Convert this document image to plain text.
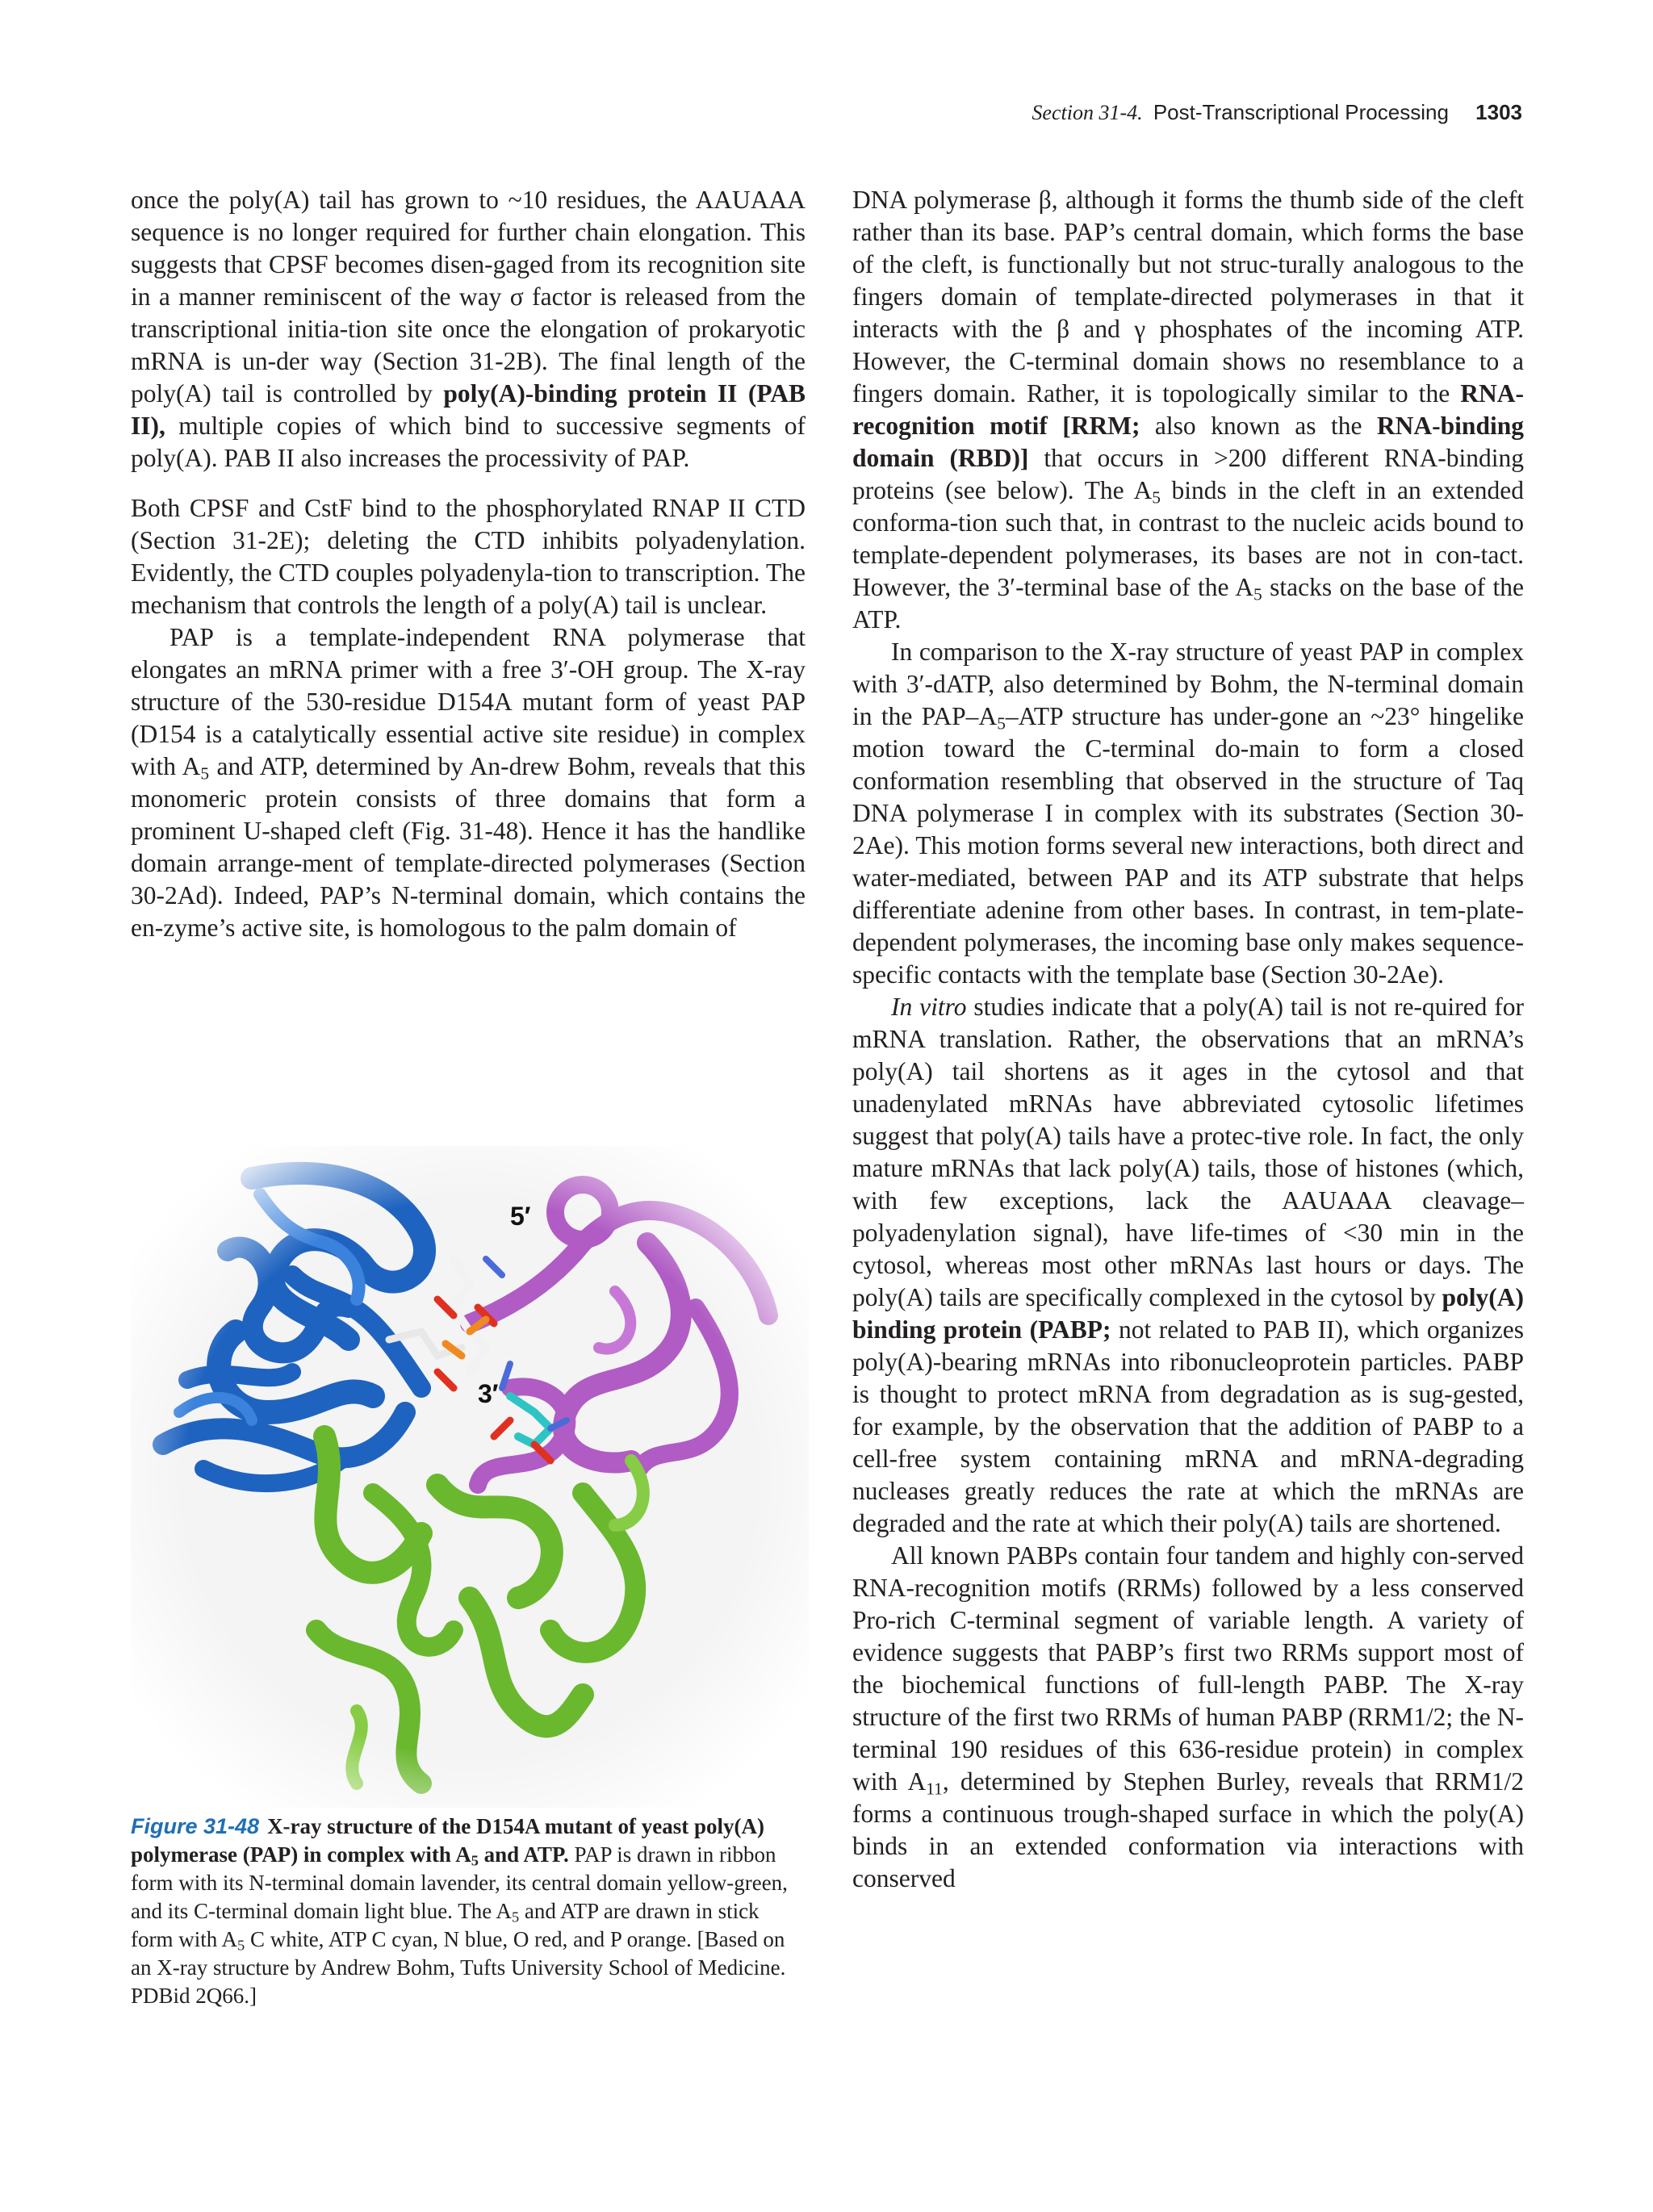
Section 31-4. Post-Transcriptional Processing 1303

once the poly(A) tail has grown to ~10 residues, the AAUAAA sequence is no longer required for further chain elongation. This suggests that CPSF becomes disen-gaged from its recognition site in a manner reminiscent of the way σ factor is released from the transcriptional initia-tion site once the elongation of prokaryotic mRNA is un-der way (Section 31-2B). The final length of the poly(A) tail is controlled by poly(A)-binding protein II (PAB II), multiple copies of which bind to successive segments of poly(A). PAB II also increases the processivity of PAP.

Both CPSF and CstF bind to the phosphorylated RNAP II CTD (Section 31-2E); deleting the CTD inhibits polyadenylation. Evidently, the CTD couples polyadenyla-tion to transcription. The mechanism that controls the length of a poly(A) tail is unclear.

PAP is a template-independent RNA polymerase that elongates an mRNA primer with a free 3′-OH group. The X-ray structure of the 530-residue D154A mutant form of yeast PAP (D154 is a catalytically essential active site residue) in complex with $A_5$ and ATP, determined by An-drew Bohm, reveals that this monomeric protein consists of three domains that form a prominent U-shaped cleft (Fig. 31-48). Hence it has the handlike domain arrange-ment of template-directed polymerases (Section 30-2Ad). Indeed, PAP’s N-terminal domain, which contains the en-zyme’s active site, is homologous to the palm domain of

Figure 31-48 X-ray structure of the D154A mutant of yeast poly(A) polymerase (PAP) in complex with $A_5$ and ATP. PAP is drawn in ribbon form with its N-terminal domain lavender, its central domain yellow-green, and its C-terminal domain light blue. The $A_5$ and ATP are drawn in stick form with $A_5$ C white, ATP C cyan, N blue, O red, and P orange. [Based on an X-ray structure by Andrew Bohm, Tufts University School of Medicine. PDBid 2Q66.]

DNA polymerase β, although it forms the thumb side of the cleft rather than its base. PAP’s central domain, which forms the base of the cleft, is functionally but not struc-turally analogous to the fingers domain of template-directed polymerases in that it interacts with the β and γ phosphates of the incoming ATP. However, the C-terminal domain shows no resemblance to a fingers domain. Rather, it is topologically similar to the RNA-recognition motif [RRM; also known as the RNA-binding domain (RBD)] that occurs in >200 different RNA-binding proteins (see below). The $A_5$ binds in the cleft in an extended conforma-tion such that, in contrast to the nucleic acids bound to template-dependent polymerases, its bases are not in con-tact. However, the 3′-terminal base of the $A_5$ stacks on the base of the ATP.

In comparison to the X-ray structure of yeast PAP in complex with 3′-dATP, also determined by Bohm, the N-terminal domain in the PAP–$A_5$–ATP structure has under-gone an ~23° hingelike motion toward the C-terminal do-main to form a closed conformation resembling that observed in the structure of Taq DNA polymerase I in complex with its substrates (Section 30-2Ae). This motion forms several new interactions, both direct and water-mediated, between PAP and its ATP substrate that helps differentiate adenine from other bases. In contrast, in tem-plate-dependent polymerases, the incoming base only makes sequence-specific contacts with the template base (Section 30-2Ae).

In vitro studies indicate that a poly(A) tail is not re-quired for mRNA translation. Rather, the observations that an mRNA’s poly(A) tail shortens as it ages in the cytosol and that unadenylated mRNAs have abbreviated cytosolic lifetimes suggest that poly(A) tails have a protec-tive role. In fact, the only mature mRNAs that lack poly(A) tails, those of histones (which, with few exceptions, lack the AAUAAA cleavage–polyadenylation signal), have life-times of <30 min in the cytosol, whereas most other mRNAs last hours or days. The poly(A) tails are specifically complexed in the cytosol by poly(A) binding protein (PABP; not related to PAB II), which organizes poly(A)-bearing mRNAs into ribonucleoprotein particles. PABP is thought to protect mRNA from degradation as is sug-gested, for example, by the observation that the addition of PABP to a cell-free system containing mRNA and mRNA-degrading nucleases greatly reduces the rate at which the mRNAs are degraded and the rate at which their poly(A) tails are shortened.

All known PABPs contain four tandem and highly con-served RNA-recognition motifs (RRMs) followed by a less conserved Pro-rich C-terminal segment of variable length. A variety of evidence suggests that PABP’s first two RRMs support most of the biochemical functions of full-length PABP. The X-ray structure of the first two RRMs of human PABP (RRM1/2; the N-terminal 190 residues of this 636-residue protein) in complex with $A_{11}$, determined by Stephen Burley, reveals that RRM1/2 forms a continuous trough-shaped surface in which the poly(A) binds in an extended conformation via interactions with conserved
